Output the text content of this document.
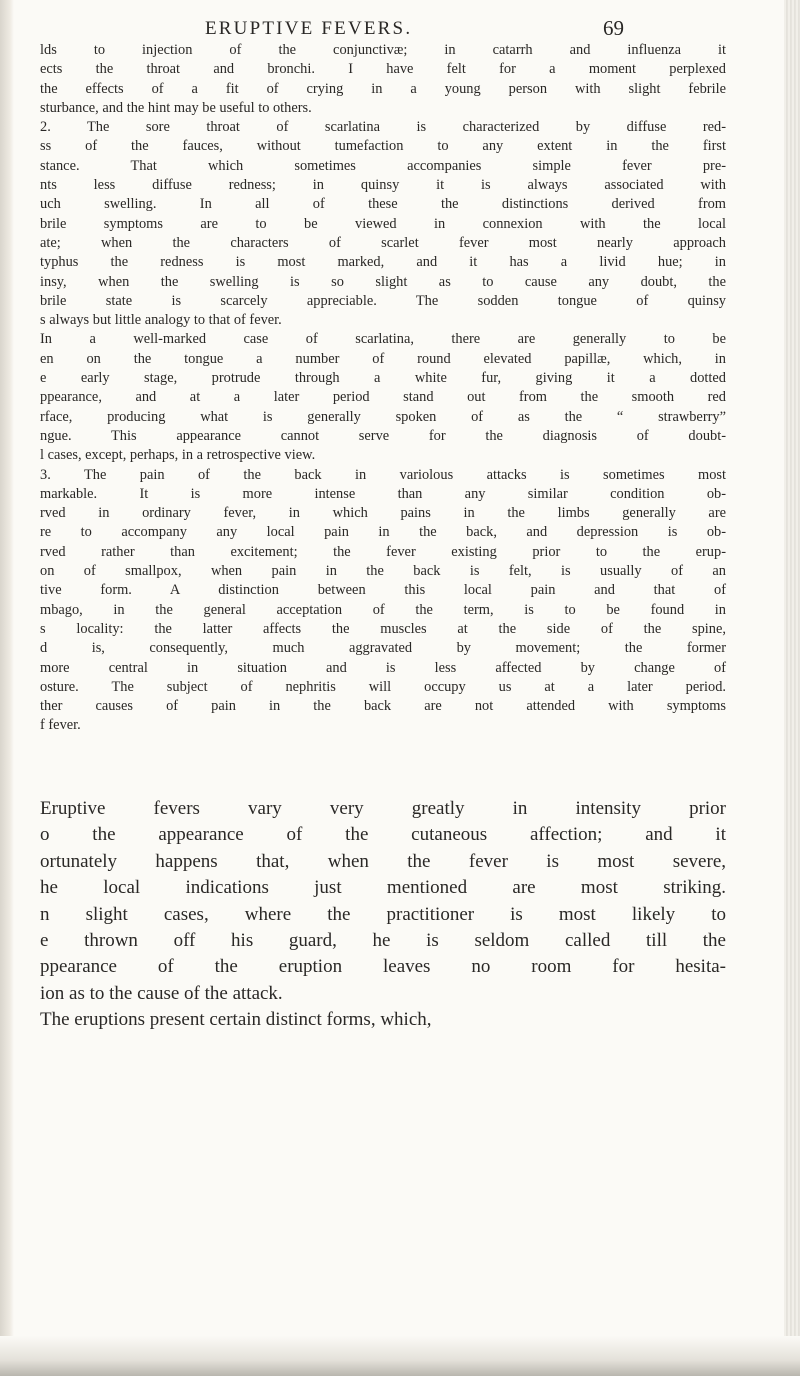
ERUPTIVE FEVERS.	69
lds to injection of the conjunctivæ; in catarrh and influenza it
ects the throat and bronchi. I have felt for a moment perplexed
the effects of a fit of crying in a young person with slight febrile
sturbance, and the hint may be useful to others.
2. The sore throat of scarlatina is characterized by diffuse red-
ss of the fauces, without tumefaction to any extent in the first
stance. That which sometimes accompanies simple fever pre-
nts less diffuse redness; in quinsy it is always associated with
uch swelling. In all of these the distinctions derived from
brile symptoms are to be viewed in connexion with the local
ate; when the characters of scarlet fever most nearly approach
typhus the redness is most marked, and it has a livid hue; in
insy, when the swelling is so slight as to cause any doubt, the
brile state is scarcely appreciable. The sodden tongue of quinsy
s always but little analogy to that of fever.
In a well-marked case of scarlatina, there are generally to be
en on the tongue a number of round elevated papillæ, which, in
e early stage, protrude through a white fur, giving it a dotted
ppearance, and at a later period stand out from the smooth red
rface, producing what is generally spoken of as the “ strawberry”
ngue. This appearance cannot serve for the diagnosis of doubt-
l cases, except, perhaps, in a retrospective view.
3. The pain of the back in variolous attacks is sometimes most
markable. It is more intense than any similar condition ob-
rved in ordinary fever, in which pains in the limbs generally are
re to accompany any local pain in the back, and depression is ob-
rved rather than excitement; the fever existing prior to the erup-
on of smallpox, when pain in the back is felt, is usually of an
tive form. A distinction between this local pain and that of
mbago, in the general acceptation of the term, is to be found in
s locality: the latter affects the muscles at the side of the spine,
d is, consequently, much aggravated by movement; the former
more central in situation and is less affected by change of
osture. The subject of nephritis will occupy us at a later period.
ther causes of pain in the back are not attended with symptoms
f fever.
Eruptive fevers vary very greatly in intensity prior
o the appearance of the cutaneous affection; and it
ortunately happens that, when the fever is most severe,
he local indications just mentioned are most striking.
n slight cases, where the practitioner is most likely to
e thrown off his guard, he is seldom called till the
ppearance of the eruption leaves no room for hesita-
ion as to the cause of the attack.
The eruptions present certain distinct forms, which,
